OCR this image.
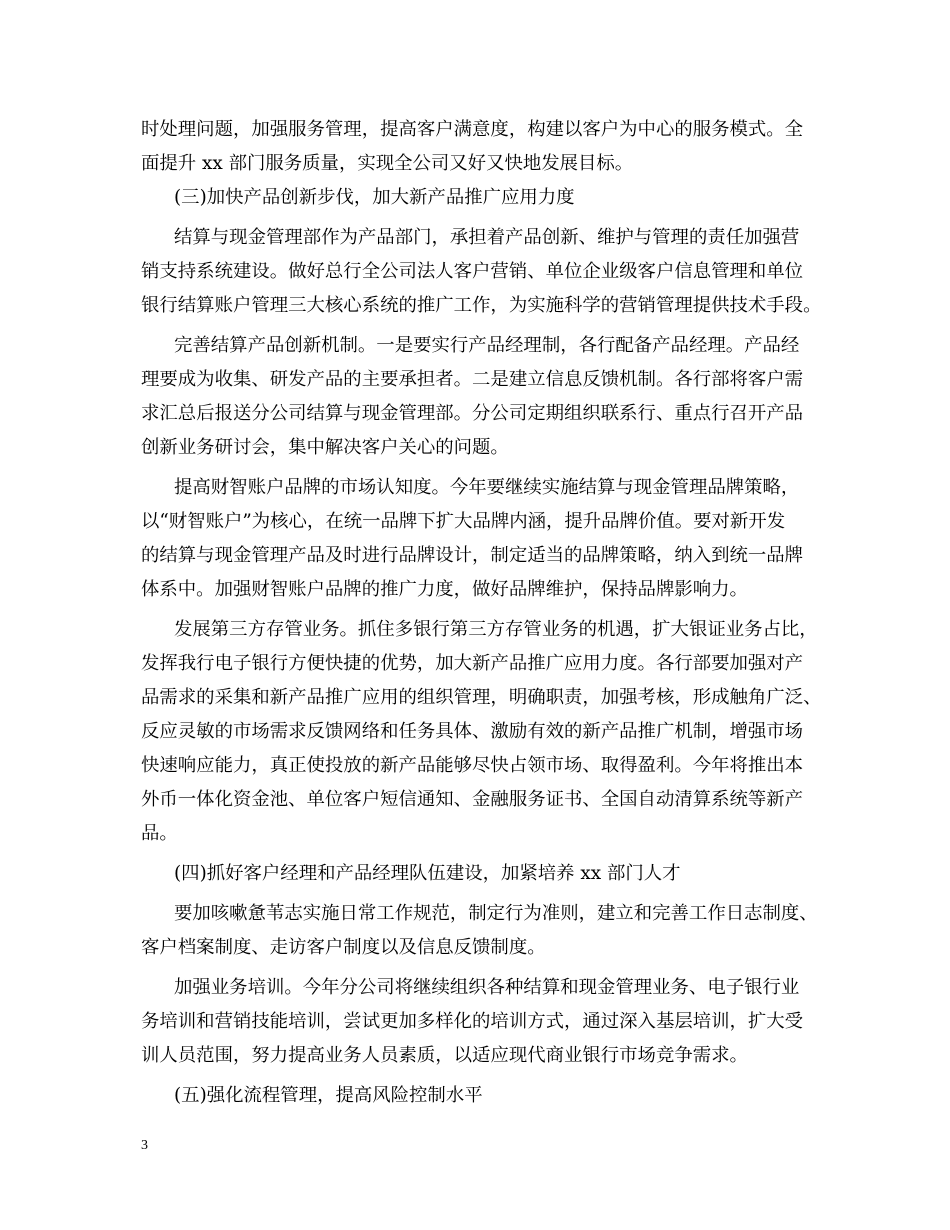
时处理问题，加强服务管理，提高客户满意度，构建以客户为中心的服务模式。全
面提升 xx 部门服务质量，实现全公司又好又快地发展目标。
(三)加快产品创新步伐，加大新产品推广应用力度
结算与现金管理部作为产品部门，承担着产品创新、维护与管理的责任加强营
销支持系统建设。做好总行全公司法人客户营销、单位企业级客户信息管理和单位
银行结算账户管理三大核心系统的推广工作，为实施科学的营销管理提供技术手段。
完善结算产品创新机制。一是要实行产品经理制，各行配备产品经理。产品经
理要成为收集、研发产品的主要承担者。二是建立信息反馈机制。各行部将客户需
求汇总后报送分公司结算与现金管理部。分公司定期组织联系行、重点行召开产品
创新业务研讨会，集中解决客户关心的问题。
提高财智账户品牌的市场认知度。今年要继续实施结算与现金管理品牌策略，
以“财智账户”为核心，在统一品牌下扩大品牌内涵，提升品牌价值。要对新开发
的结算与现金管理产品及时进行品牌设计，制定适当的品牌策略，纳入到统一品牌
体系中。加强财智账户品牌的推广力度，做好品牌维护，保持品牌影响力。
发展第三方存管业务。抓住多银行第三方存管业务的机遇，扩大银证业务占比，
发挥我行电子银行方便快捷的优势，加大新产品推广应用力度。各行部要加强对产
品需求的采集和新产品推广应用的组织管理，明确职责，加强考核，形成触角广泛、
反应灵敏的市场需求反馈网络和任务具体、激励有效的新产品推广机制，增强市场
快速响应能力，真正使投放的新产品能够尽快占领市场、取得盈利。今年将推出本
外币一体化资金池、单位客户短信通知、金融服务证书、全国自动清算系统等新产
品。
(四)抓好客户经理和产品经理队伍建设，加紧培养 xx 部门人才
要加咳嗽惫苇志实施日常工作规范，制定行为准则，建立和完善工作日志制度、
客户档案制度、走访客户制度以及信息反馈制度。
加强业务培训。今年分公司将继续组织各种结算和现金管理业务、电子银行业
务培训和营销技能培训，尝试更加多样化的培训方式，通过深入基层培训，扩大受
训人员范围，努力提高业务人员素质，以适应现代商业银行市场竞争需求。
(五)强化流程管理，提高风险控制水平
3
